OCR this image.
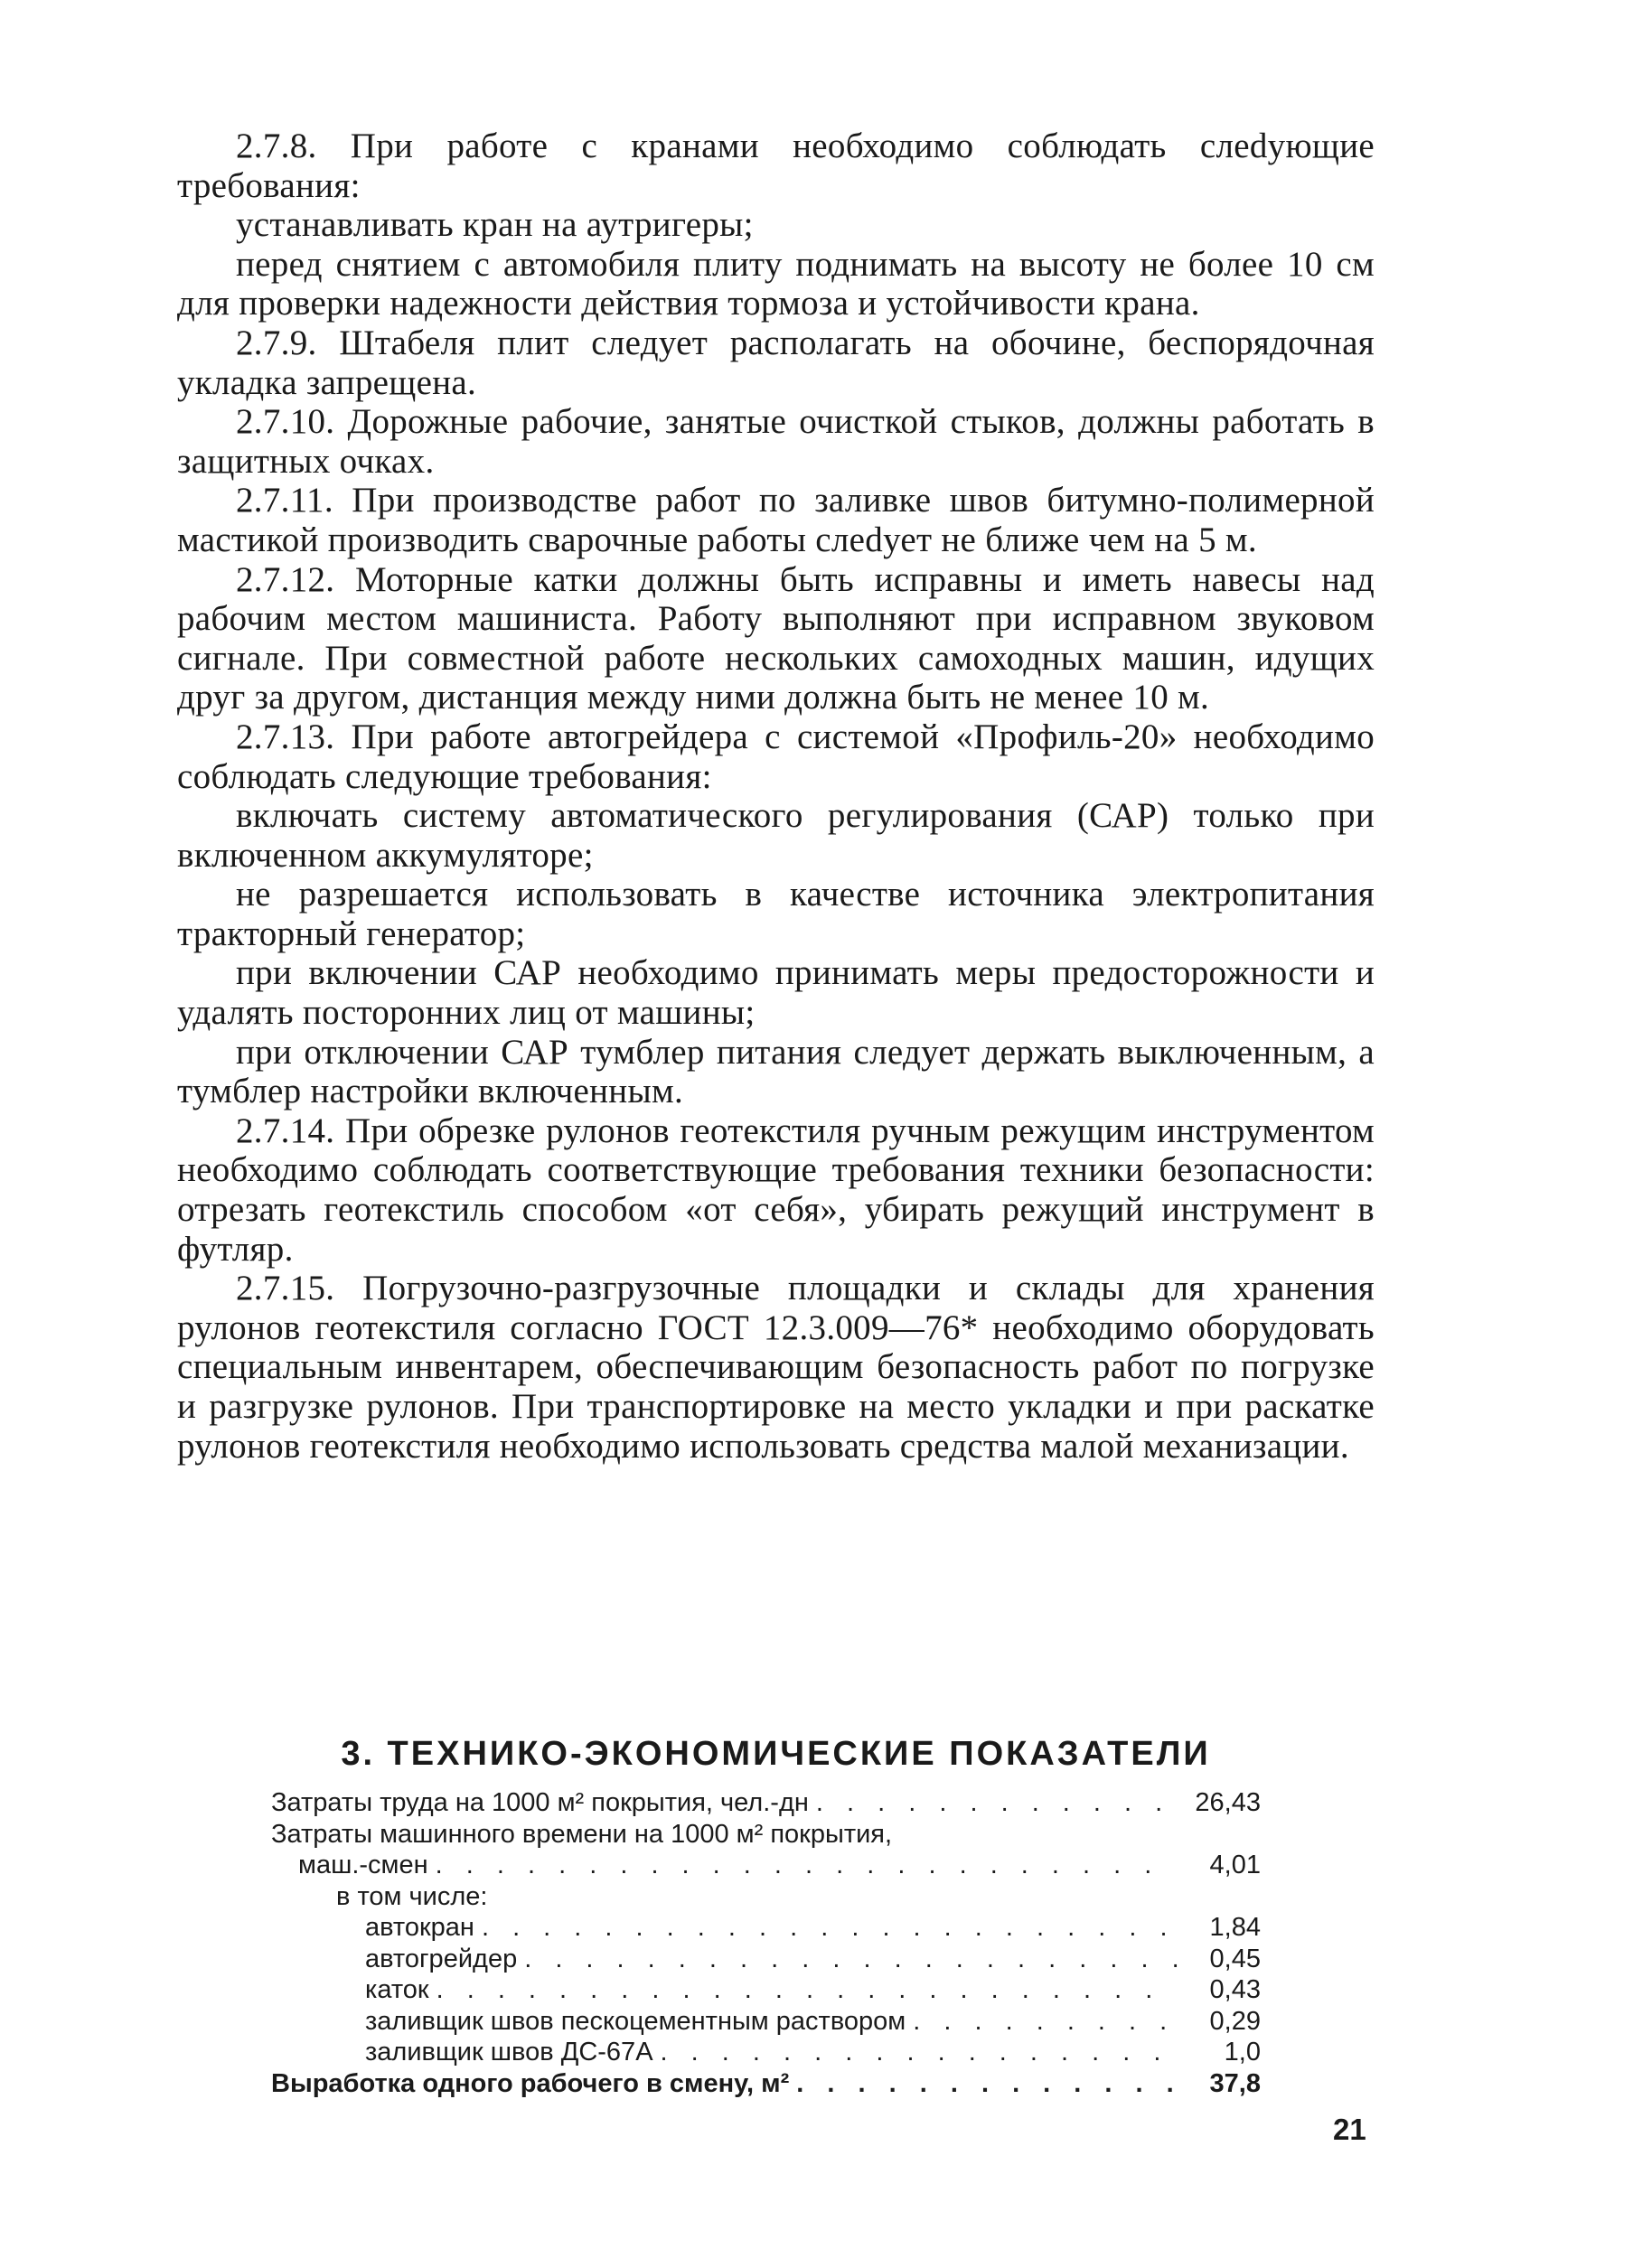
2.7.8. При работе с кранами необходимо соблюдать слеdующие требования:

устанавливать кран на аутригеры;

перед снятием с автомобиля плиту поднимать на высоту не более 10 см для проверки надежности действия тормоза и устойчивости крана.

2.7.9. Штабеля плит следует располагать на обочине, беспорядочная укладка запрещена.

2.7.10. Дорожные рабочие, занятые очисткой стыков, должны работать в защитных очках.

2.7.11. При производстве работ по заливке швов битумно-полимерной мастикой производить сварочные работы слеdует не ближе чем на 5 м.

2.7.12. Моторные катки должны быть исправны и иметь навесы над рабочим местом машиниста. Работу выполняют при исправном звуковом сигнале. При совместной работе нескольких самоходных машин, идущих друг за другом, дистанция между ними должна быть не менее 10 м.

2.7.13. При работе автогрейдера с системой «Профиль-20» необходимо соблюдать следующие требования:

включать систему автоматического регулирования (САР) только при включенном аккумуляторе;

не разрешается использовать в качестве источника электропитания тракторный генератор;

при включении САР необходимо принимать меры предосторожности и удалять посторонних лиц от машины;

при отключении САР тумблер питания следует держать выключенным, а тумблер настройки включенным.

2.7.14. При обрезке рулонов геотекстиля ручным режущим инструментом необходимо соблюдать соответствующие требования техники безопасности: отрезать геотекстиль способом «от себя», убирать режущий инструмент в футляр.

2.7.15. Погрузочно-разгрузочные площадки и склады для хранения рулонов геотекстиля согласно ГОСТ 12.3.009—76* необходимо оборудовать специальным инвентарем, обеспечивающим безопасность работ по погрузке и разгрузке рулонов. При транспортировке на место укладки и при раскатке рулонов геотекстиля необходимо использовать средства малой механизации.

3. ТЕХНИКО-ЭКОНОМИЧЕСКИЕ ПОКАЗАТЕЛИ
Затраты труда на 1000 м² покрытия, чел.-дн . . .	26,43
Затраты машинного времени на 1000 м² покрытия,
маш.-смен . . .	4,01
в том числе:
автокран . . .	1,84
автогрейдер . . .	0,45
каток . . .	0,43
заливщик швов пескоцементным раствором . . .	0,29
заливщик швов ДС-67А . . .	1,0
Выработка одного рабочего в смену, м² . . .	37,8
21
